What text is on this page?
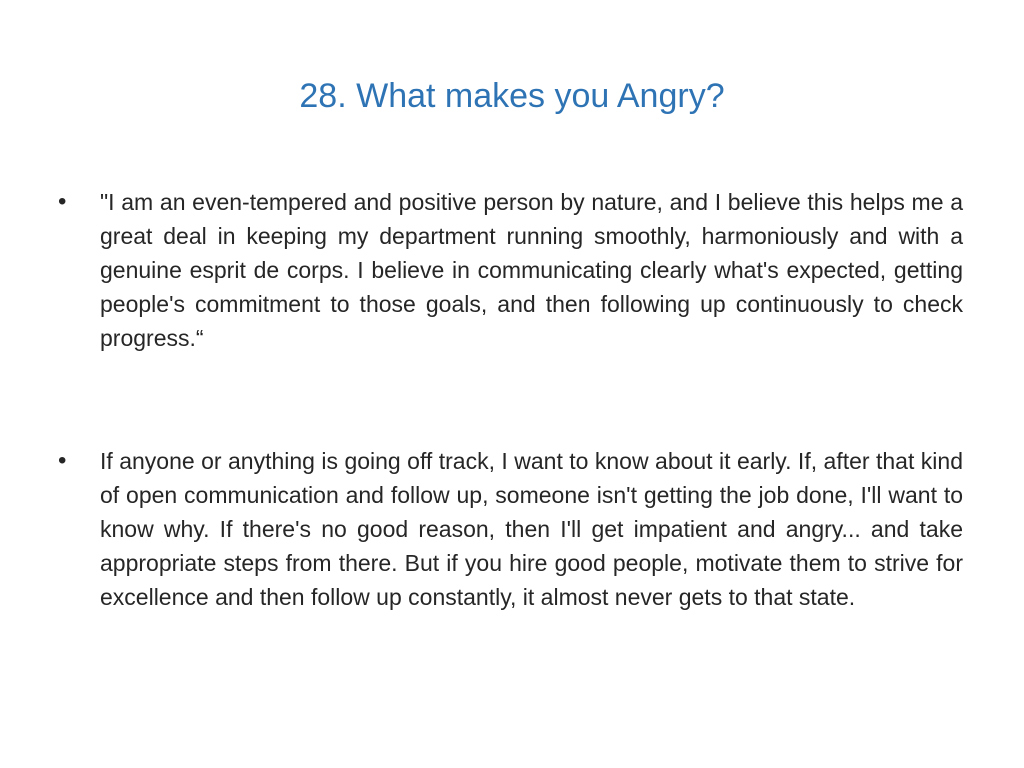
28. What makes you Angry?
• "I am an even-tempered and positive person by nature, and I believe this helps me a great deal in keeping my department running smoothly, harmoniously and with a genuine esprit de corps. I believe in communicating clearly what's expected, getting people's commitment to those goals, and then following up continuously to check progress.“
• If anyone or anything is going off track, I want to know about it early. If, after that kind of open communication and follow up, someone isn't getting the job done, I'll want to know why. If there's no good reason, then I'll get impatient and angry... and take appropriate steps from there. But if you hire good people, motivate them to strive for excellence and then follow up constantly, it almost never gets to that state.
